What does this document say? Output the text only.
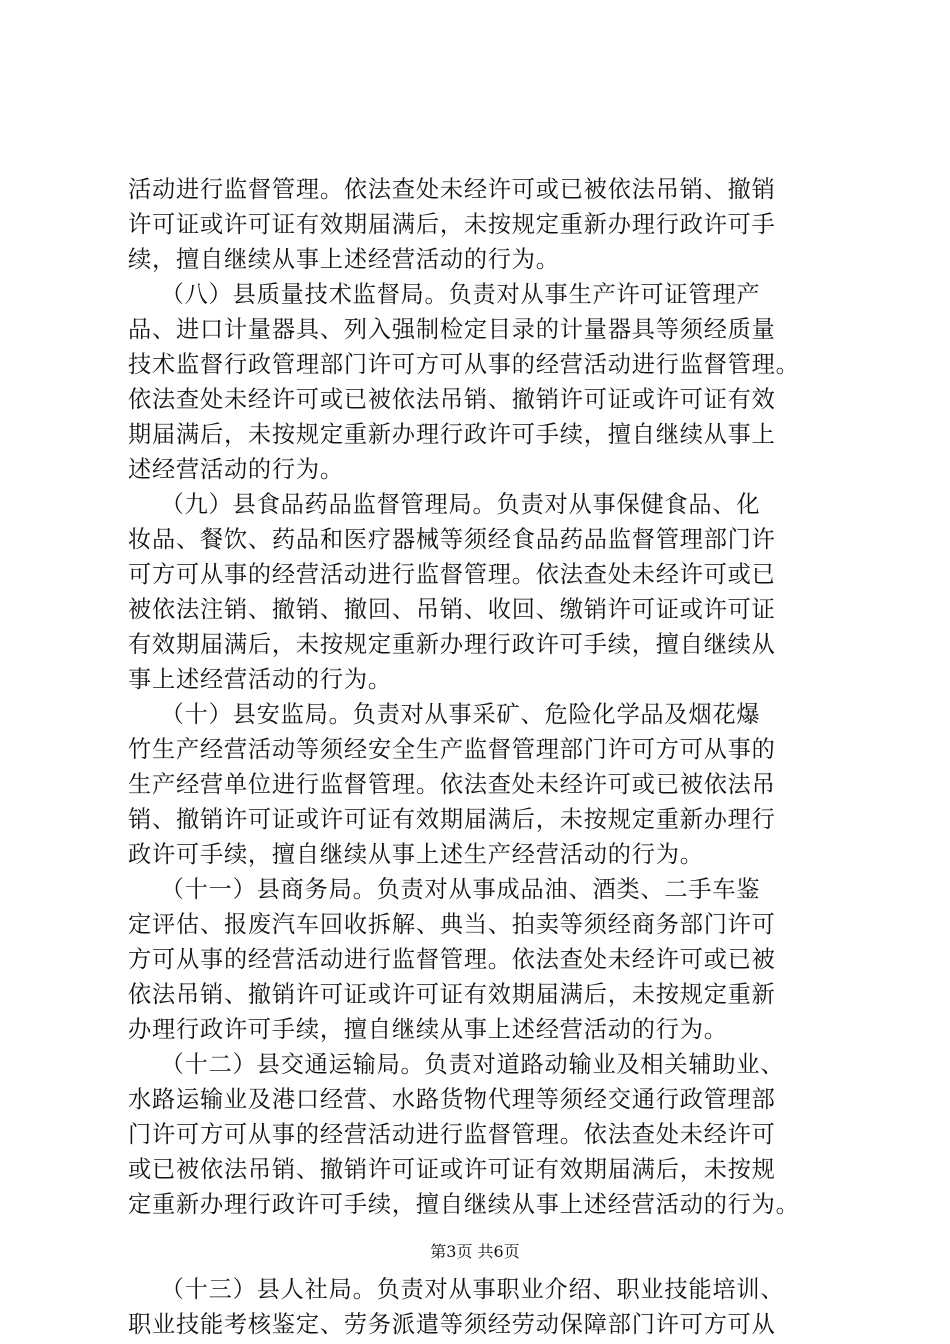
活动进行监督管理。依法查处未经许可或已被依法吊销、撤销
许可证或许可证有效期届满后，未按规定重新办理行政许可手
续，擅自继续从事上述经营活动的行为。
（八）县质量技术监督局。负责对从事生产许可证管理产
品、进口计量器具、列入强制检定目录的计量器具等须经质量
技术监督行政管理部门许可方可从事的经营活动进行监督管理。
依法查处未经许可或已被依法吊销、撤销许可证或许可证有效
期届满后，未按规定重新办理行政许可手续，擅自继续从事上
述经营活动的行为。
（九）县食品药品监督管理局。负责对从事保健食品、化
妆品、餐饮、药品和医疗器械等须经食品药品监督管理部门许
可方可从事的经营活动进行监督管理。依法查处未经许可或已
被依法注销、撤销、撤回、吊销、收回、缴销许可证或许可证
有效期届满后，未按规定重新办理行政许可手续，擅自继续从
事上述经营活动的行为。
（十）县安监局。负责对从事采矿、危险化学品及烟花爆
竹生产经营活动等须经安全生产监督管理部门许可方可从事的
生产经营单位进行监督管理。依法查处未经许可或已被依法吊
销、撤销许可证或许可证有效期届满后，未按规定重新办理行
政许可手续，擅自继续从事上述生产经营活动的行为。
（十一）县商务局。负责对从事成品油、酒类、二手车鉴
定评估、报废汽车回收拆解、典当、拍卖等须经商务部门许可
方可从事的经营活动进行监督管理。依法查处未经许可或已被
依法吊销、撤销许可证或许可证有效期届满后，未按规定重新
办理行政许可手续，擅自继续从事上述经营活动的行为。
（十二）县交通运输局。负责对道路动输业及相关辅助业、
水路运输业及港口经营、水路货物代理等须经交通行政管理部
门许可方可从事的经营活动进行监督管理。依法查处未经许可
或已被依法吊销、撤销许可证或许可证有效期届满后，未按规
定重新办理行政许可手续，擅自继续从事上述经营活动的行为。
（十三）县人社局。负责对从事职业介绍、职业技能培训、
职业技能考核鉴定、劳务派遣等须经劳动保障部门许可方可从
第3页 共6页
